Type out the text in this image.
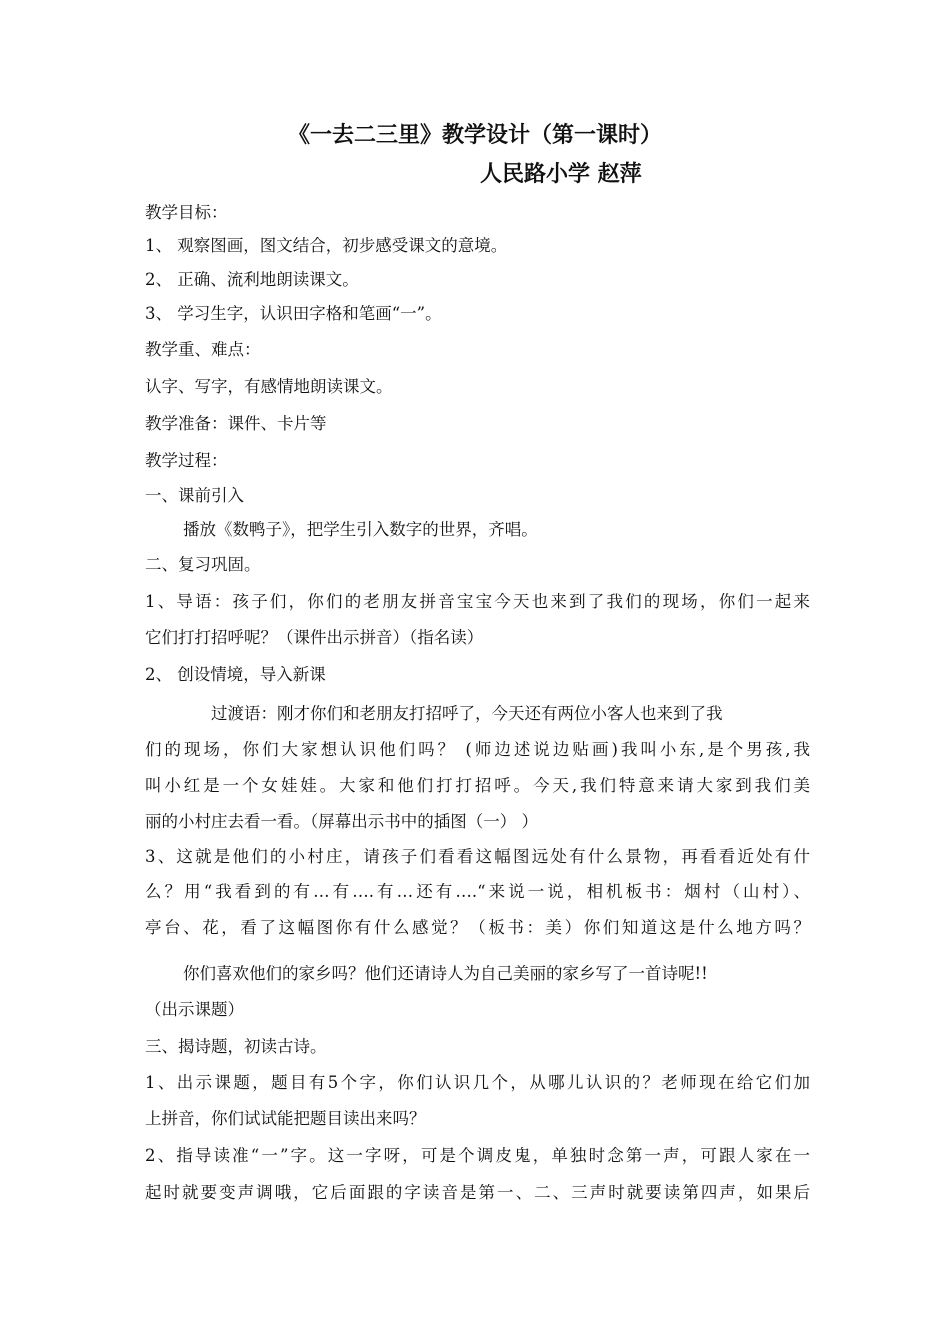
《一去二三里》教学设计（第一课时）
人民路小学 赵萍
教学目标：
1、 观察图画，图文结合，初步感受课文的意境。
2、 正确、流利地朗读课文。
3、 学习生字，认识田字格和笔画“一”。
教学重、难点：
认字、写字，有感情地朗读课文。
教学准备：课件、卡片等
教学过程：
一、课前引入
播放《数鸭子》，把学生引入数字的世界，齐唱。
二、复习巩固。
1、导语：孩子们，你们的老朋友拼音宝宝今天也来到了我们的现场，你们一起来
它们打打招呼呢？（课件出示拼音）（指名读）
2、 创设情境，导入新课
过渡语：刚才你们和老朋友打招呼了，今天还有两位小客人也来到了我
们的现场，你们大家想认识他们吗？ (师边述说边贴画)我叫小东,是个男孩,我
叫小红是一个女娃娃。大家和他们打打招呼。今天,我们特意来请大家到我们美
丽的小村庄去看一看。（屏幕出示书中的插图（一） ）
3、这就是他们的小村庄，请孩子们看看这幅图远处有什么景物，再看看近处有什
么？用“我看到的有…有….有…还有….“来说一说，相机板书：烟村（山村）、
亭台、花，看了这幅图你有什么感觉？（板书：美）你们知道这是什么地方吗？
你们喜欢他们的家乡吗？他们还请诗人为自己美丽的家乡写了一首诗呢!!
（出示课题）
三、揭诗题，初读古诗。
1、出示课题，题目有5个字，你们认识几个，从哪儿认识的？老师现在给它们加
上拼音，你们试试能把题目读出来吗？
2、指导读准“一”字。这一字呀，可是个调皮鬼，单独时念第一声，可跟人家在一
起时就要变声调哦，它后面跟的字读音是第一、二、三声时就要读第四声，如果后
